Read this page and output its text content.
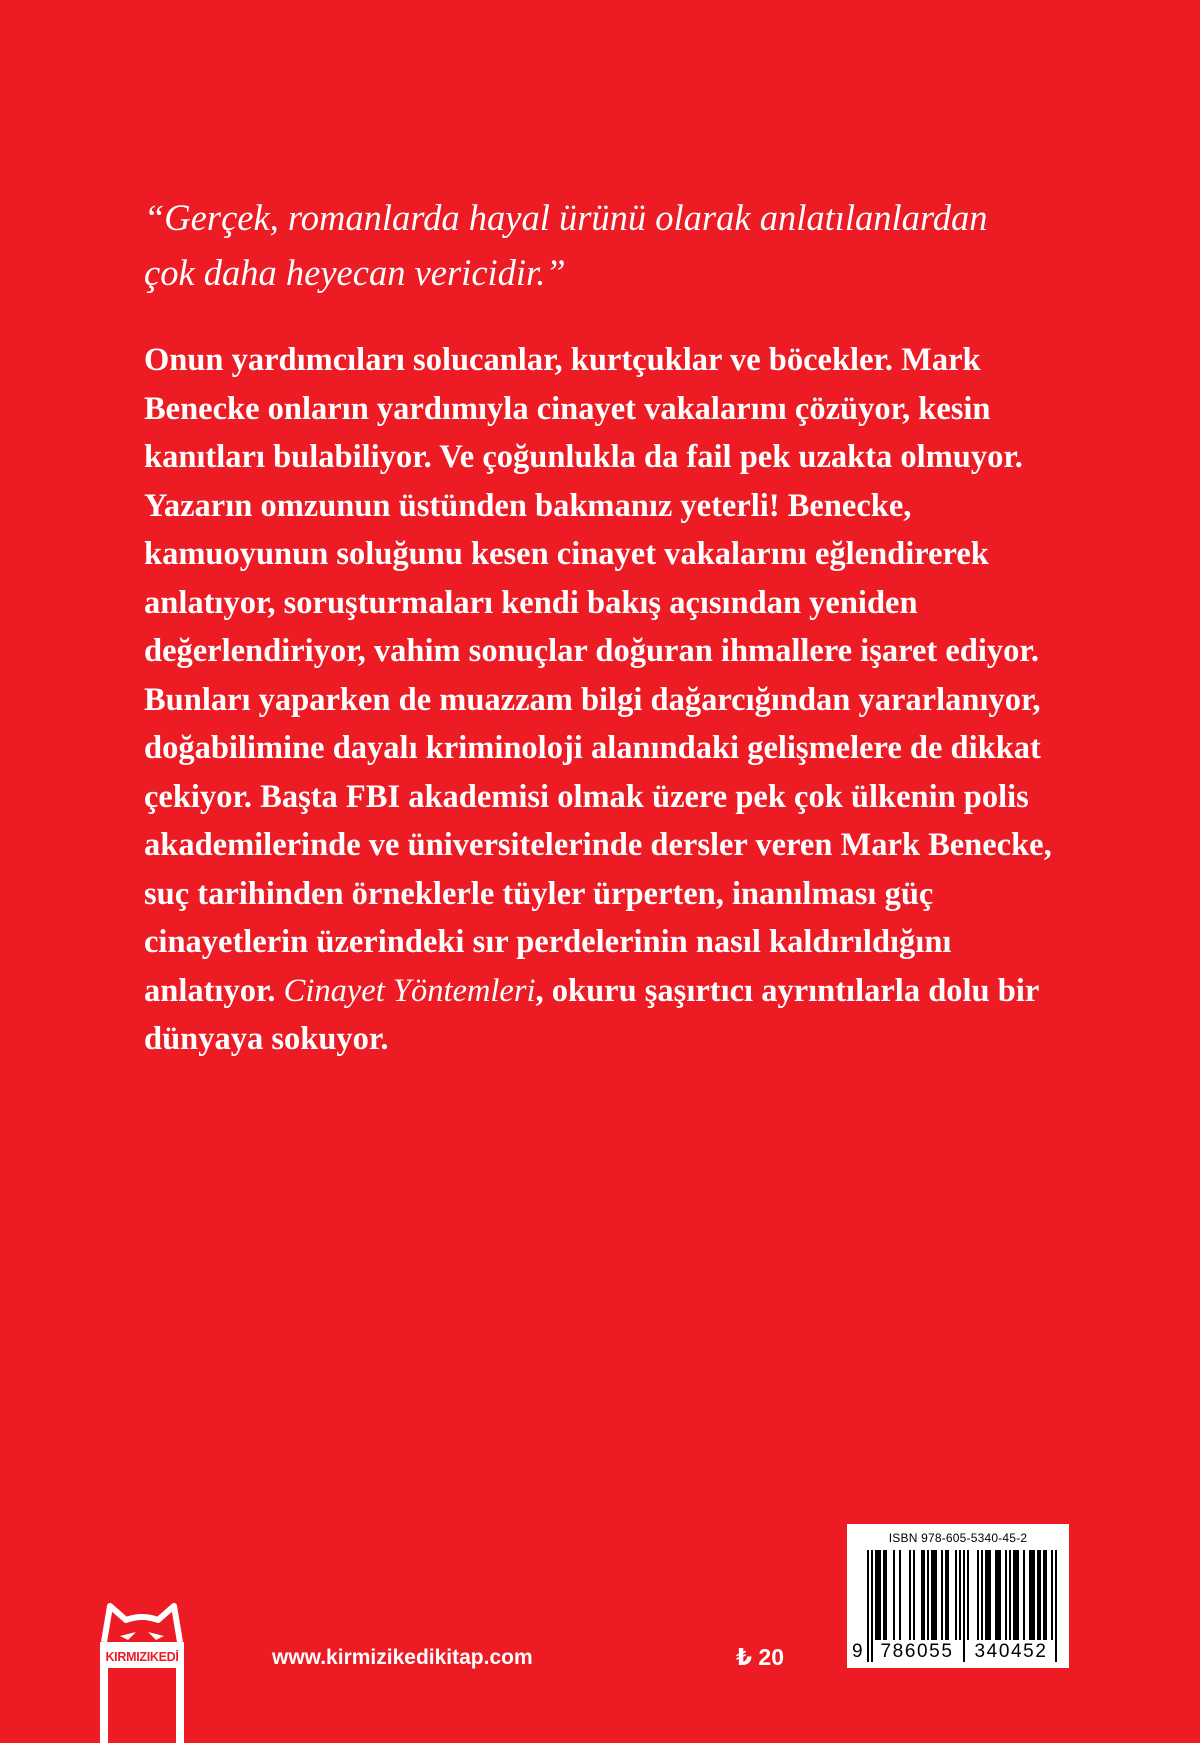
“Gerçek, romanlarda hayal ürünü olarak anlatılanlardan
çok daha heyecan vericidir.”

Onun yardımcıları solucanlar, kurtçuklar ve böcekler. Mark Benecke onların yardımıyla cinayet vakalarını çözüyor, kesin kanıtları bulabiliyor. Ve çoğunlukla da fail pek uzakta olmuyor. Yazarın omzunun üstünden bakmanız yeterli! Benecke, kamuoyunun soluğunu kesen cinayet vakalarını eğlendirerek anlatıyor, soruşturmaları kendi bakış açısından yeniden değerlendiriyor, vahim sonuçlar doğuran ihmallere işaret ediyor. Bunları yaparken de muazzam bilgi dağarcığından yararlanıyor, doğabilimine dayalı kriminoloji alanındaki gelişmelere de dikkat çekiyor. Başta FBI akademisi olmak üzere pek çok ülkenin polis akademilerinde ve üniversitelerinde dersler veren Mark Benecke, suç tarihinden örneklerle tüyler ürperten, inanılması güç cinayetlerin üzerindeki sır perdelerinin nasıl kaldırıldığını anlatıyor. Cinayet Yöntemleri, okuru şaşırtıcı ayrıntılarla dolu bir dünyaya sokuyor.

KIRMIZIKEDİ	www.kirmizikedikitap.com	₺ 20
ISBN 978-605-5340-45-2
9 786055	340452
